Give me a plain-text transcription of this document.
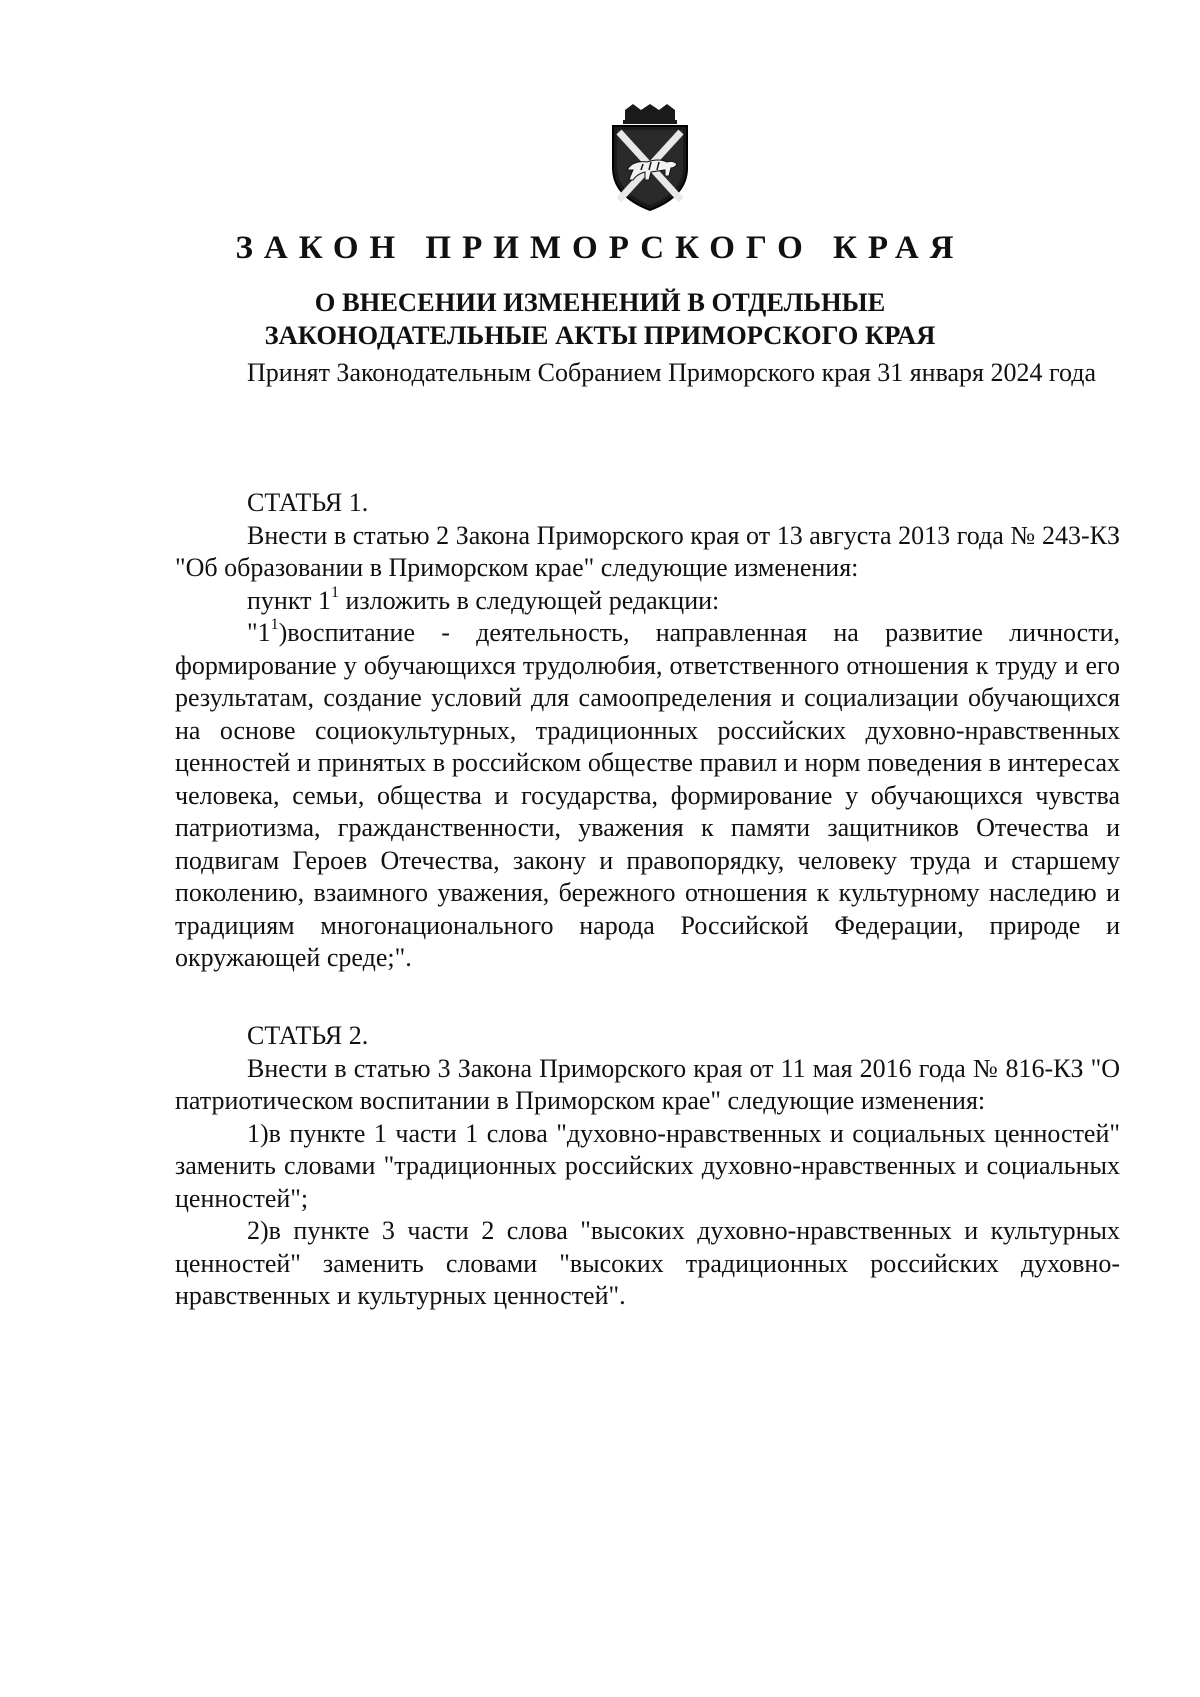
ЗАКОН ПРИМОРСКОГО КРАЯ
О ВНЕСЕНИИ ИЗМЕНЕНИЙ В ОТДЕЛЬНЫЕ
ЗАКОНОДАТЕЛЬНЫЕ АКТЫ ПРИМОРСКОГО КРАЯ

Принят Законодательным Собранием Приморского края 31 января 2024 года

СТАТЬЯ 1.

Внести в статью 2 Закона Приморского края от 13 августа 2013 года № 243-КЗ "Об образовании в Приморском крае" следующие изменения:

пункт $1^1$ изложить в следующей редакции:

"$1^1)воспитание$ - деятельность, направленная на развитие личности, формирование у обучающихся трудолюбия, ответственного отношения к труду и его результатам, создание условий для самоопределения и социализации обучающихся на основе социокультурных, традиционных российских духовно-нравственных ценностей и принятых в российском обществе правил и норм поведения в интересах человека, семьи, общества и государства, формирование у обучающихся чувства патриотизма, гражданственности, уважения к памяти защитников Отечества и подвигам Героев Отечества, закону и правопорядку, человеку труда и старшему поколению, взаимного уважения, бережного отношения к культурному наследию и традициям многонационального народа Российской Федерации, природе и окружающей среде;".

СТАТЬЯ 2.

Внести в статью 3 Закона Приморского края от 11 мая 2016 года № 816-КЗ "О патриотическом воспитании в Приморском крае" следующие изменения:

1)в пункте 1 части 1 слова "духовно-нравственных и социальных ценностей" заменить словами "традиционных российских духовно-нравственных и социальных ценностей";

2)в пункте 3 части 2 слова "высоких духовно-нравственных и культурных ценностей" заменить словами "высоких традиционных российских духовно-нравственных и культурных ценностей".
